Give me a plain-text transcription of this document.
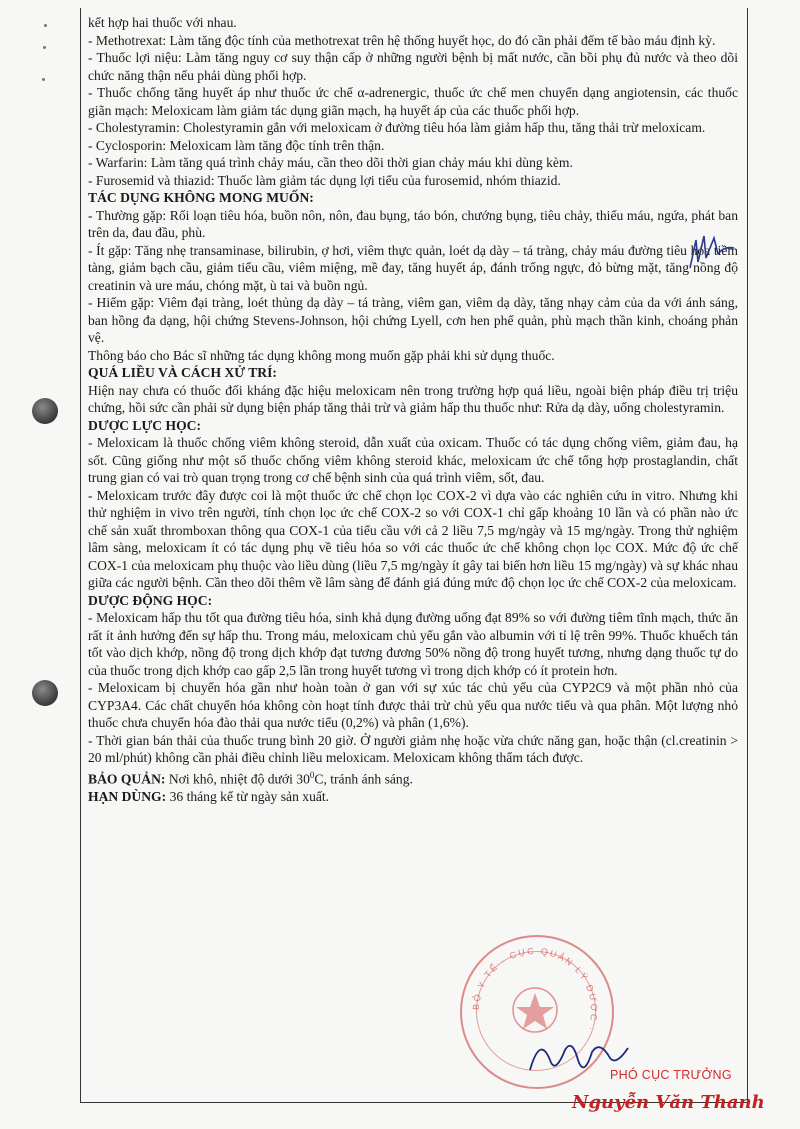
kết hợp hai thuốc với nhau.

- Methotrexat: Làm tăng độc tính của methotrexat trên hệ thống huyết học, do đó cần phải đếm tế bào máu định kỳ.

- Thuốc lợi niệu: Làm tăng nguy cơ suy thận cấp ở những người bệnh bị mất nước, cần bồi phụ đủ nước và theo dõi chức năng thận nếu phải dùng phối hợp.

- Thuốc chống tăng huyết áp như thuốc ức chế α-adrenergic, thuốc ức chế men chuyển dạng angiotensin, các thuốc giãn mạch: Meloxicam làm giảm tác dụng giãn mạch, hạ huyết áp của các thuốc phối hợp.

- Cholestyramin: Cholestyramin gắn với meloxicam ở đường tiêu hóa làm giảm hấp thu, tăng thải trừ meloxicam.

- Cyclosporin: Meloxicam làm tăng độc tính trên thận.

- Warfarin: Làm tăng quá trình chảy máu, cần theo dõi thời gian chảy máu khi dùng kèm.

- Furosemid và thiazid: Thuốc làm giảm tác dụng lợi tiểu của furosemid, nhóm thiazid.

TÁC DỤNG KHÔNG MONG MUỐN:

- Thường gặp: Rối loạn tiêu hóa, buồn nôn, nôn, đau bụng, táo bón, chướng bụng, tiêu chảy, thiếu máu, ngứa, phát ban trên da, đau đầu, phù.

- Ít gặp: Tăng nhẹ transaminase, bilirubin, ợ hơi, viêm thực quản, loét dạ dày – tá tràng, chảy máu đường tiêu hóa tiềm tàng, giảm bạch cầu, giảm tiểu cầu, viêm miệng, mề đay, tăng huyết áp, đánh trống ngực, đỏ bừng mặt, tăng nồng độ creatinin và ure máu, chóng mặt, ù tai và buồn ngủ.

- Hiếm gặp: Viêm đại tràng, loét thủng dạ dày – tá tràng, viêm gan, viêm dạ dày, tăng nhạy cảm của da với ánh sáng, ban hồng đa dạng, hội chứng Stevens-Johnson, hội chứng Lyell, cơn hen phế quản, phù mạch thần kinh, choáng phản vệ.

Thông báo cho Bác sĩ những tác dụng không mong muốn gặp phải khi sử dụng thuốc.

QUÁ LIỀU VÀ CÁCH XỬ TRÍ:

Hiện nay chưa có thuốc đối kháng đặc hiệu meloxicam nên trong trường hợp quá liều, ngoài biện pháp điều trị triệu chứng, hồi sức cần phải sử dụng biện pháp tăng thải trừ và giảm hấp thu thuốc như: Rửa dạ dày, uống cholestyramin.

DƯỢC LỰC HỌC:

- Meloxicam là thuốc chống viêm không steroid, dẫn xuất của oxicam. Thuốc có tác dụng chống viêm, giảm đau, hạ sốt. Cũng giống như một số thuốc chống viêm không steroid khác, meloxicam ức chế tổng hợp prostaglandin, chất trung gian có vai trò quan trọng trong cơ chế bệnh sinh của quá trình viêm, sốt, đau.

- Meloxicam trước đây được coi là một thuốc ức chế chọn lọc COX-2 vì dựa vào các nghiên cứu in vitro. Nhưng khi thử nghiệm in vivo trên người, tính chọn lọc ức chế COX-2 so với COX-1 chỉ gấp khoảng 10 lần và có phần nào ức chế sản xuất thromboxan thông qua COX-1 của tiểu cầu với cả 2 liều 7,5 mg/ngày và 15 mg/ngày. Trong thử nghiệm lâm sàng, meloxicam ít có tác dụng phụ về tiêu hóa so với các thuốc ức chế không chọn lọc COX. Mức độ ức chế COX-1 của meloxicam phụ thuộc vào liều dùng (liều 7,5 mg/ngày ít gây tai biến hơn liều 15 mg/ngày) và sự khác nhau giữa các người bệnh. Cần theo dõi thêm về lâm sàng để đánh giá đúng mức độ chọn lọc ức chế COX-2 của meloxicam.

DƯỢC ĐỘNG HỌC:

- Meloxicam hấp thu tốt qua đường tiêu hóa, sinh khả dụng đường uống đạt 89% so với đường tiêm tĩnh mạch, thức ăn rất ít ảnh hưởng đến sự hấp thu. Trong máu, meloxicam chủ yếu gắn vào albumin với tỉ lệ trên 99%. Thuốc khuếch tán tốt vào dịch khớp, nồng độ trong dịch khớp đạt tương đương 50% nồng độ trong huyết tương, nhưng dạng thuốc tự do của thuốc trong dịch khớp cao gấp 2,5 lần trong huyết tương vì trong dịch khớp có ít protein hơn.

- Meloxicam bị chuyển hóa gần như hoàn toàn ở gan với sự xúc tác chủ yếu của CYP2C9 và một phần nhỏ của CYP3A4. Các chất chuyển hóa không còn hoạt tính được thải trừ chủ yếu qua nước tiểu và qua phân. Một lượng nhỏ thuốc chưa chuyển hóa đào thải qua nước tiểu (0,2%) và phân (1,6%).

- Thời gian bán thải của thuốc trung bình 20 giờ. Ở người giảm nhẹ hoặc vừa chức năng gan, hoặc thận (cl.creatinin > 20 ml/phút) không cần phải điều chỉnh liều meloxicam. Meloxicam không thẩm tách được.

BẢO QUẢN: Nơi khô, nhiệt độ dưới $30^0C$, tránh ánh sáng.

HẠN DÙNG: 36 tháng kể từ ngày sản xuất.

BỘ Y TẾ · CỤC QUẢN LÝ DƯỢC ·
PHÓ CỤC TRƯỞNG
Nguyễn Văn Thanh
